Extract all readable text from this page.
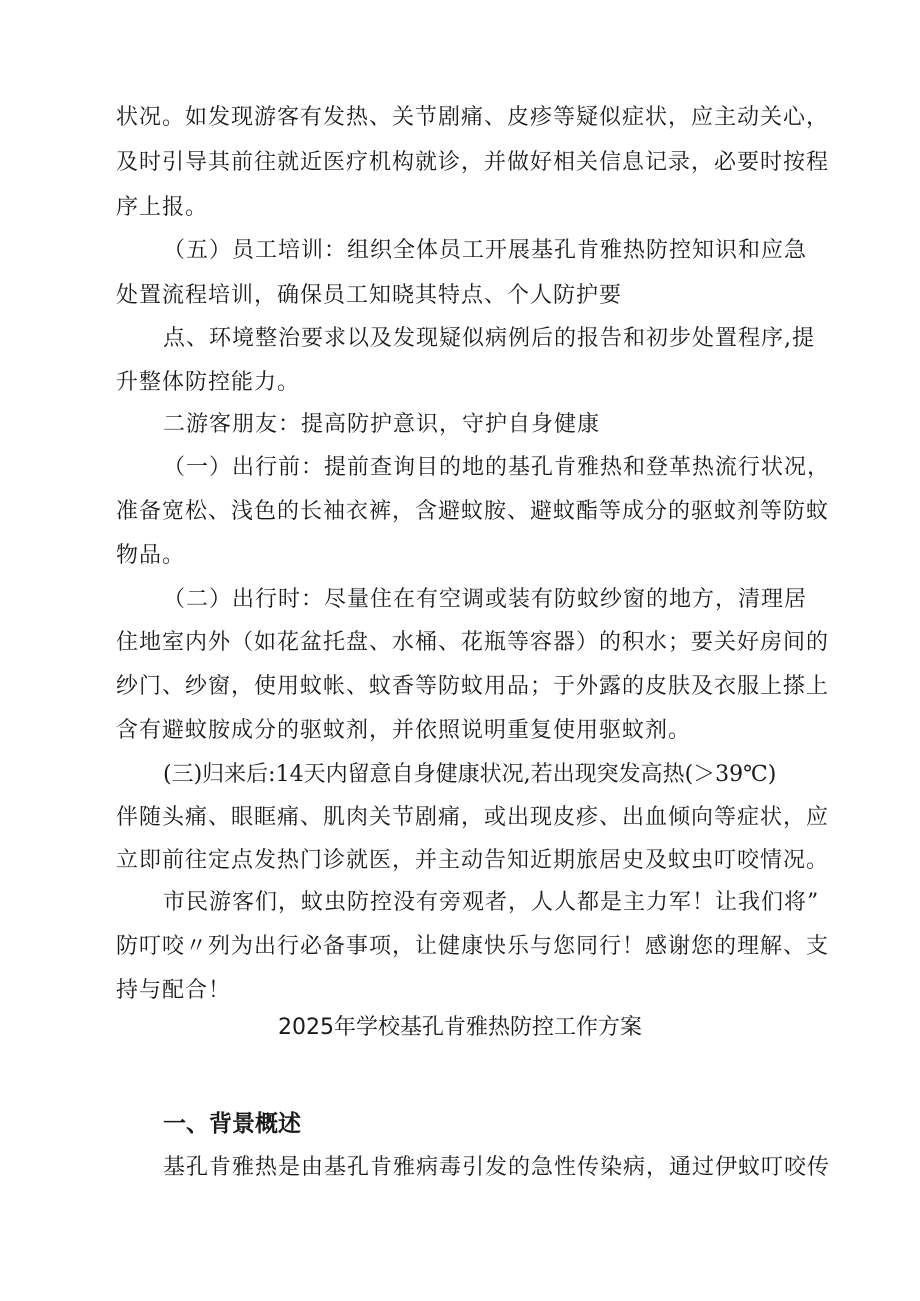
状况。如发现游客有发热、关节剧痛、皮疹等疑似症状，应主动关心，
及时引导其前往就近医疗机构就诊，并做好相关信息记录，必要时按程
序上报。
（五）员工培训：组织全体员工开展基孔肯雅热防控知识和应急
处置流程培训，确保员工知晓其特点、个人防护要
点、环境整治要求以及发现疑似病例后的报告和初步处置程序,提
升整体防控能力。
二游客朋友：提高防护意识，守护自身健康
（一）出行前：提前查询目的地的基孔肯雅热和登革热流行状况，
准备宽松、浅色的长袖衣裤，含避蚊胺、避蚊酯等成分的驱蚊剂等防蚊
物品。
（二）出行时：尽量住在有空调或装有防蚊纱窗的地方，清理居
住地室内外（如花盆托盘、水桶、花瓶等容器）的积水；要关好房间的
纱门、纱窗，使用蚊帐、蚊香等防蚊用品；于外露的皮肤及衣服上搽上
含有避蚊胺成分的驱蚊剂，并依照说明重复使用驱蚊剂。
(三)归来后:14天内留意自身健康状况,若出现突发高热(＞39℃)
伴随头痛、眼眶痛、肌肉关节剧痛，或出现皮疹、出血倾向等症状，应
立即前往定点发热门诊就医，并主动告知近期旅居史及蚊虫叮咬情况。
市民游客们，蚊虫防控没有旁观者，人人都是主力军！让我们将”
防叮咬〃列为出行必备事项，让健康快乐与您同行！感谢您的理解、支
持与配合！
2025年学校基孔肯雅热防控工作方案
一、背景概述
基孔肯雅热是由基孔肯雅病毒引发的急性传染病，通过伊蚊叮咬传
